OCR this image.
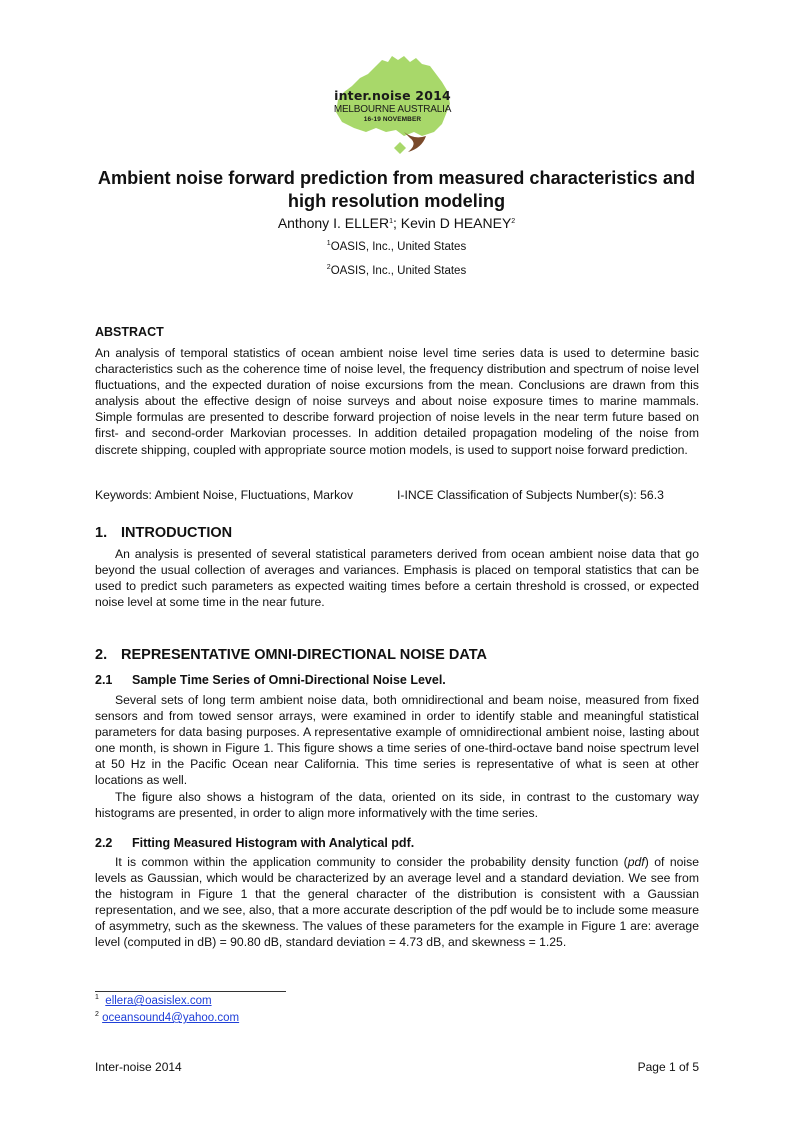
inter.noise 2014
MELBOURNE AUSTRALIA
16-19 NOVEMBER
Ambient noise forward prediction from measured characteristics and high resolution modeling
Anthony I. ELLER$^1$; Kevin D HEANEY$^2$
$^1$OASIS, Inc., United States
$^2$OASIS, Inc., United States
ABSTRACT
An analysis of temporal statistics of ocean ambient noise level time series data is used to determine basic characteristics such as the coherence time of noise level, the frequency distribution and spectrum of noise level fluctuations, and the expected duration of noise excursions from the mean. Conclusions are drawn from this analysis about the effective design of noise surveys and about noise exposure times to marine mammals. Simple formulas are presented to describe forward projection of noise levels in the near term future based on first- and second-order Markovian processes. In addition detailed propagation modeling of the noise from discrete shipping, coupled with appropriate source motion models, is used to support noise forward prediction.
Keywords: Ambient Noise, Fluctuations, Markov	I-INCE Classification of Subjects Number(s): 56.3
1. INTRODUCTION

An analysis is presented of several statistical parameters derived from ocean ambient noise data that go beyond the usual collection of averages and variances. Emphasis is placed on temporal statistics that can be used to predict such parameters as expected waiting times before a certain threshold is crossed, or expected noise level at some time in the near future.

2. REPRESENTATIVE OMNI-DIRECTIONAL NOISE DATA
2.1 Sample Time Series of Omni-Directional Noise Level.

Several sets of long term ambient noise data, both omnidirectional and beam noise, measured from fixed sensors and from towed sensor arrays, were examined in order to identify stable and meaningful statistical parameters for data basing purposes. A representative example of omnidirectional ambient noise, lasting about one month, is shown in Figure 1. This figure shows a time series of one-third-octave band noise spectrum level at 50 Hz in the Pacific Ocean near California. This time series is representative of what is seen at other locations as well.

The figure also shows a histogram of the data, oriented on its side, in contrast to the customary way histograms are presented, in order to align more informatively with the time series.

2.2 Fitting Measured Histogram with Analytical pdf.

It is common within the application community to consider the probability density function (pdf) of noise levels as Gaussian, which would be characterized by an average level and a standard deviation. We see from the histogram in Figure 1 that the general character of the distribution is consistent with a Gaussian representation, and we see, also, that a more accurate description of the pdf would be to include some measure of asymmetry, such as the skewness. The values of these parameters for the example in Figure 1 are: average level (computed in dB) = 90.80 dB, standard deviation = 4.73 dB, and skewness = 1.25.

$^1$ ellera@oasislex.com
$^2$ oceansound4@yahoo.com
Inter-noise 2014	Page 1 of 5
